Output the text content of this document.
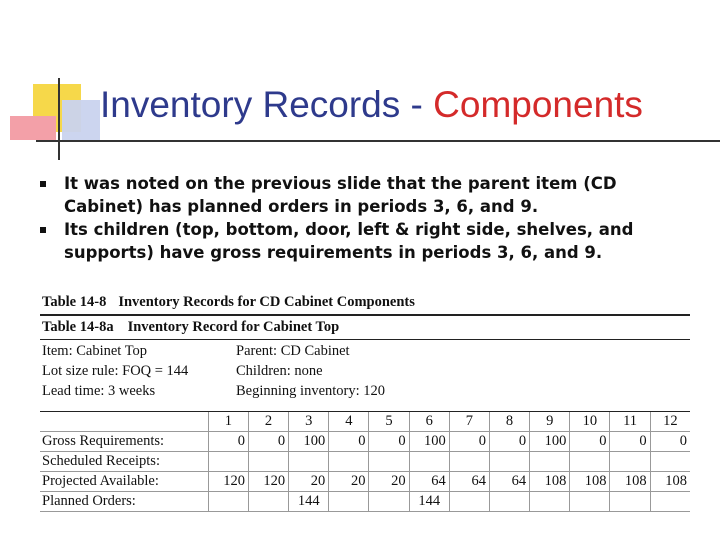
Inventory Records - Components
It was noted on the previous slide that the parent item (CD Cabinet) has planned orders in periods 3, 6, and 9.
Its children (top, bottom, door, left & right side, shelves, and supports) have gross requirements in periods 3, 6, and 9.
Table 14-8 Inventory Records for CD Cabinet Components
Table 14-8a Inventory Record for Cabinet Top
Item: Cabinet Top	Parent: CD Cabinet
Lot size rule: FOQ = 144	Children: none
Lead time: 3 weeks	Beginning inventory: 120
	1	2	3	4	5	6	7	8	9	10	11	12
Gross Requirements:	0	0	100	0	0	100	0	0	100	0	0	0
Scheduled Receipts:												
Projected Available:	120	120	20	20	20	64	64	64	108	108	108	108
Planned Orders:			144			144						
